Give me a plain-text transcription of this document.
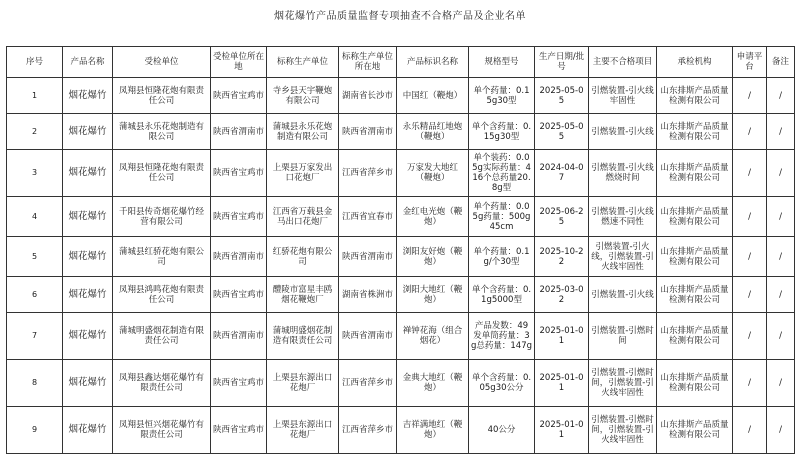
烟花爆竹产品质量监督专项抽查不合格产品及企业名单
序号	产品名称	受检单位	受检单位所在地	标称生产单位	标称生产单位所在地	产品标识名称	规格型号	生产日期/批号	主要不合格项目	承检机构	申请平台	备注
1	烟花爆竹	凤翔县恒隆花炮有限责任公司	陕西省宝鸡市	寺乡县天宇鞭炮有限公司	湖南省长沙市	中国红（鞭炮）	单个药量：0.15g30型	2025-05-05	引燃装置-引火线牢固性	山东排斯产品质量检测有限公司	/	/
2	烟花爆竹	蒲城县永乐花炮制造有限公司	陕西省渭南市	蒲城县永乐花炮制造有限公司	陕西省渭南市	永乐精品红地炮（鞭炮）	单个含药量：0.15g30型	2025-05-05	引燃装置-引火线	山东排斯产品质量检测有限公司	/	/
3	烟花爆竹	凤翔县恒隆花炮有限责任公司	陕西省宝鸡市	上栗县万家发出口花炮厂	江西省萍乡市	万家发大地红（鞭炮）	单个装药：0.05g实际药量：416个总药量20.8g型	2024-04-07	引燃装置-引火线燃烧时间	山东排斯产品质量检测有限公司	/	/
4	烟花爆竹	千阳县传奇烟花爆竹经营有限公司	陕西省宝鸡市	江西省万载县金马出口花炮厂	江西省宜春市	金红电光炮（鞭炮）	单个药量：0.05g药量：500g 45cm	2025-06-25	引燃装置-引火线燃速不同性	山东排斯产品质量检测有限公司	/	/
5	烟花爆竹	蒲城县红骄花炮有限公司	陕西省渭南市	红骄花炮有限公司	陕西省渭南市	浏阳友好炮（鞭炮）	单个药量：0.1g/个30型	2025-10-22	引燃装置-引火线，引燃装置-引火线牢固性	山东排斯产品质量检测有限公司	/	/
6	烟花爆竹	凤翔县鸿鸣花炮有限责任公司	陕西省宝鸡市	醴陵市富星丰鸥烟花鞭炮厂	湖南省株洲市	浏阳大地红（鞭炮）	单个含药量：0.1g5000型	2025-03-02	引燃装置-引火线	山东排斯产品质量检测有限公司	/	/
7	烟花爆竹	蒲城明盛烟花制造有限责任公司	陕西省渭南市	蒲城明盛烟花制造有限责任公司	陕西省渭南市	禅钟花海（组合烟花）	产品发数：49发单筒药量：3g总药量：147g	2025-01-01	引燃装置-引燃时间	山东排斯产品质量检测有限公司	/	/
8	烟花爆竹	凤翔县鑫达烟花爆竹有限责任公司	陕西省宝鸡市	上栗县东源出口花炮厂	江西省萍乡市	金典大地红（鞭炮）	单个含药量：0.05g30公分	2025-01-01	引燃装置-引燃时间，引燃装置-引火线牢固性	山东排斯产品质量检测有限公司	/	/
9	烟花爆竹	凤翔县恒兴烟花爆竹有限责任公司	陕西省宝鸡市	上栗县东源出口花炮厂	江西省萍乡市	吉祥满地红（鞭炮）	40公分	2025-01-01	引燃装置-引燃时间，引燃装置-引火线牢固性	山东排斯产品质量检测有限公司	/	/
